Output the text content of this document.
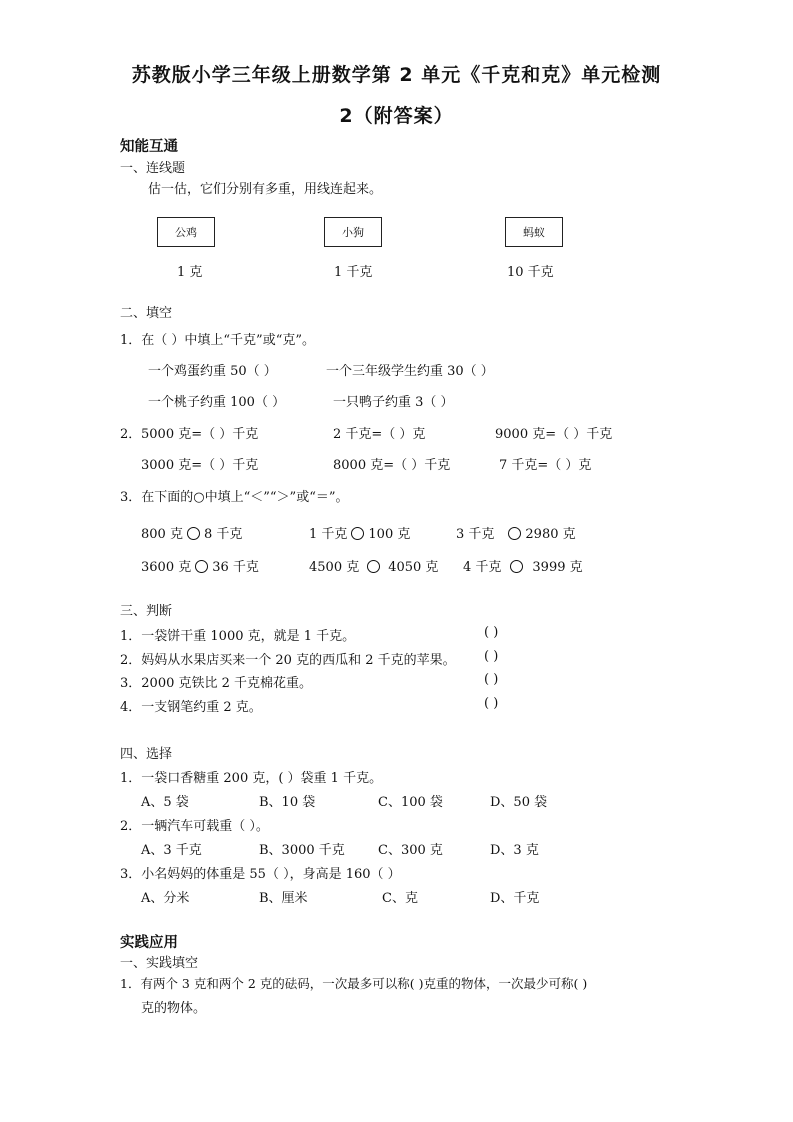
苏教版小学三年级上册数学第 2 单元《千克和克》单元检测
2（附答案）
知能互通
一、连线题
估一估，它们分别有多重，用线连起来。
公鸡	小狗	蚂蚁
1 克	1 千克	10 千克
二、填空
1．在（ ）中填上“千克”或“克”。
一个鸡蛋约重 50（ ）	一个三年级学生约重 30（ ）
一个桃子约重 100（ ）	一只鸭子约重 3（ ）
2． 5000 克=（ ）千克	2 千克=（ ）克	9000 克=（ ）千克
3000 克=（ ）千克	8000 克=（ ）千克	7 千克=（ ）克
3．在下面的○中填上“＜”“＞”或“＝”。
800 克 8 千克	1 千克 100 克	3 千克 2980 克
3600 克 36 千克	4500 克 4050 克 4 千克 3999 克
三、判断
1．一袋饼干重 1000 克，就是 1 千克。	( )
2．妈妈从水果店买来一个 20 克的西瓜和 2 千克的苹果。 ( )
3．2000 克铁比 2 千克棉花重。	( )
4．一支钢笔约重 2 克。	( )
四、选择
1．一袋口香糖重 200 克，( ）袋重 1 千克。
A、5 袋	B、10 袋	C、100 袋	D、50 袋
2．一辆汽车可载重（ ）。
A、3 千克	B、3000 千克	C、300 克	D、3 克
3．小名妈妈的体重是 55（ ），身高是 160（ ）
A、分米	B、厘米	C、克	D、千克
实践应用
一、实践填空
1．有两个 3 克和两个 2 克的砝码，一次最多可以称( )克重的物体，一次最少可称( )
克的物体。
